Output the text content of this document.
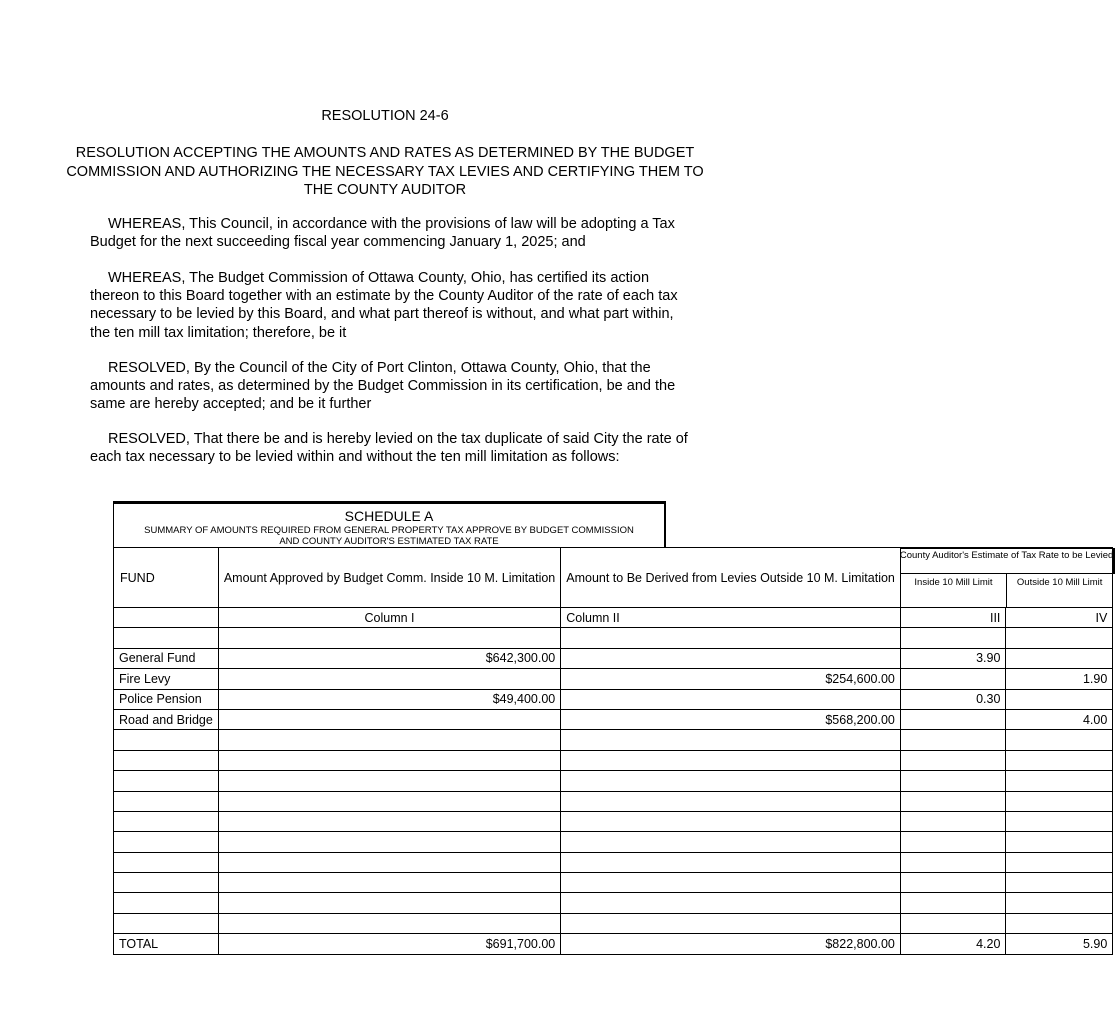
RESOLUTION 24-6
RESOLUTION ACCEPTING THE AMOUNTS AND RATES AS DETERMINED BY THE BUDGET COMMISSION AND AUTHORIZING THE NECESSARY TAX LEVIES AND CERTIFYING THEM TO THE COUNTY AUDITOR
WHEREAS, This Council, in accordance with the provisions of law will be adopting a Tax Budget for the next succeeding fiscal year commencing January 1, 2025; and
WHEREAS, The Budget Commission of Ottawa County, Ohio, has certified its action thereon to this Board together with an estimate by the County Auditor of the rate of each tax necessary to be levied by this Board, and what part thereof is without, and what part within, the ten mill tax limitation; therefore, be it
RESOLVED, By the Council of the City of Port Clinton, Ottawa County, Ohio, that the amounts and rates, as determined by the Budget Commission in its certification, be and the same are hereby accepted; and be it further
RESOLVED, That there be and is hereby levied on the tax duplicate of said City the rate of each tax necessary to be levied within and without the ten mill limitation as follows:
SCHEDULE A
SUMMARY OF AMOUNTS REQUIRED FROM GENERAL PROPERTY TAX APPROVE BY BUDGET COMMISSION
AND COUNTY AUDITOR'S ESTIMATED TAX RATE
FUND	Amount Approved by Budget Comm. Inside 10 M. Limitation	Amount to Be Derived from Levies Outside 10 M. Limitation	County Auditor's Estimate of Tax Rate to be Levied
Inside 10 Mill Limit Outside 10 Mill Limit	

	Column I	Column II	III	IV

General Fund	$642,300.00		3.90	
Fire Levy		$254,600.00		1.90
Police Pension	$49,400.00		0.30	
Road and Bridge		$568,200.00		4.00

TOTAL	$691,700.00	$822,800.00	4.20	5.90
